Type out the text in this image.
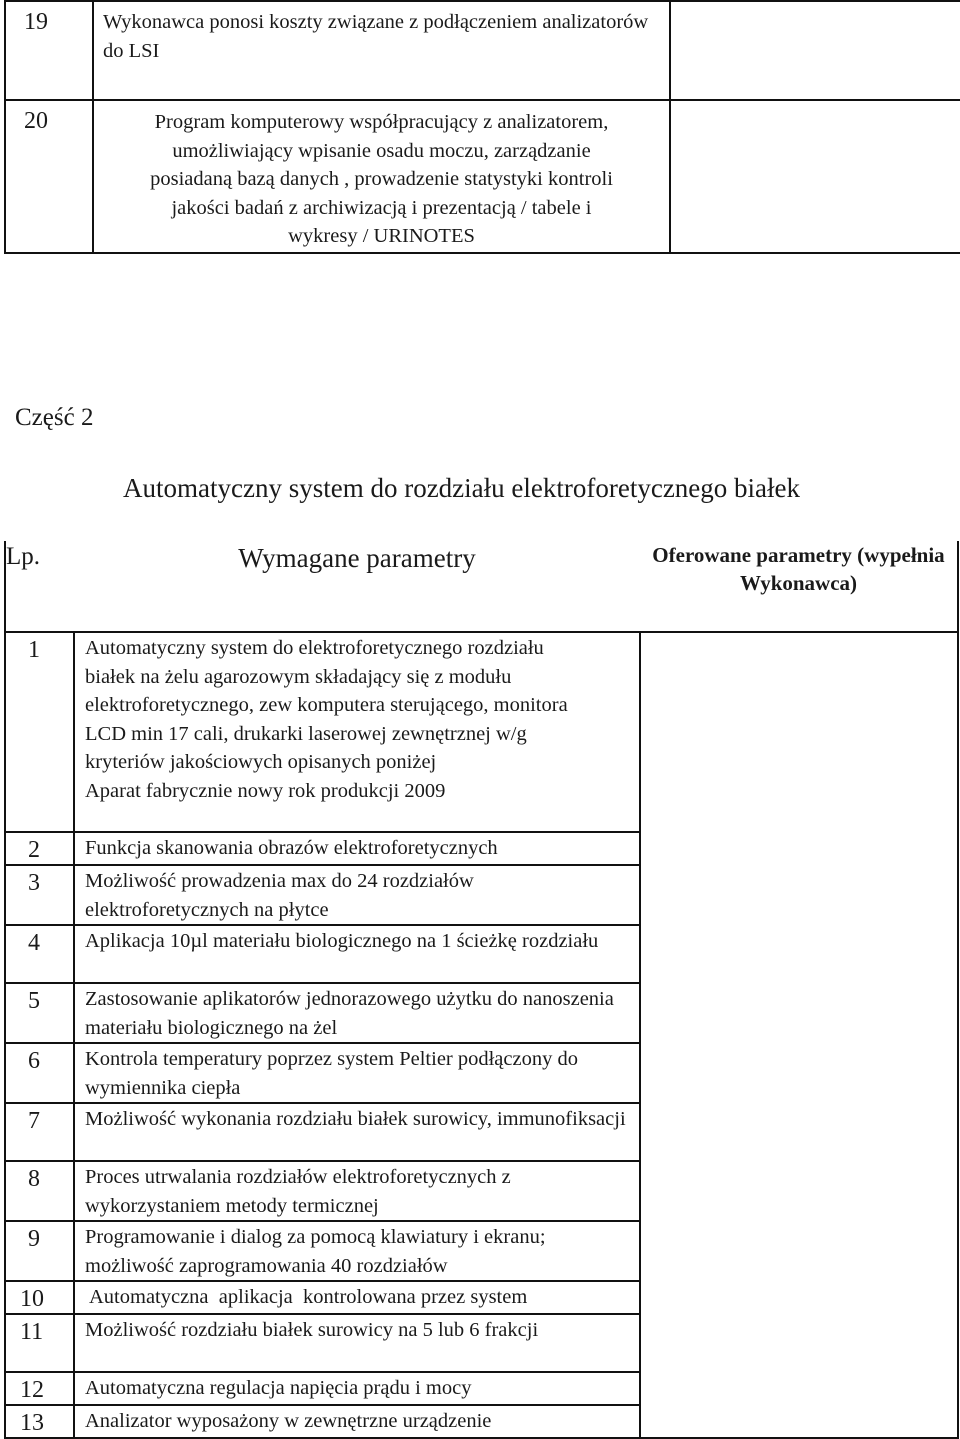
19	Wykonawca ponosi koszty związane z podłączeniem analizatorów do LSI	
20	Program komputerowy współpracujący z analizatorem, umożliwiający wpisanie osadu moczu, zarządzanie posiadaną bazą danych , prowadzenie statystyki kontroli jakości badań z archiwizacją i prezentacją / tabele i wykresy / URINOTES	

Część 2
Automatyczny system do rozdziału elektroforetycznego białek
Lp.	Wymagane parametry	Oferowane parametry (wypełnia Wykonawca)
1	Automatyczny system do elektroforetycznego rozdziału białek na żelu agarozowym składający się z modułu elektroforetycznego, zew komputera sterującego, monitora LCD min 17 cali, drukarki laserowej zewnętrznej w/g kryteriów jakościowych opisanych poniżej
Aparat fabrycznie nowy rok produkcji 2009	

2	Funkcja skanowania obrazów elektroforetycznych	
3	Możliwość prowadzenia max do 24 rozdziałów elektroforetycznych na płytce	
4	Aplikacja 10µl materiału biologicznego na 1 ścieżkę rozdziału	
5	Zastosowanie aplikatorów jednorazowego użytku do nanoszenia materiału biologicznego na żel	
6	Kontrola temperatury poprzez system Peltier podłączony do wymiennika ciepła	
7	Możliwość wykonania rozdziału białek surowicy, immunofiksacji	
8	Proces utrwalania rozdziałów elektroforetycznych z wykorzystaniem metody termicznej	
9	Programowanie i dialog za pomocą klawiatury i ekranu; możliwość zaprogramowania 40 rozdziałów	
10	Automatyczna  aplikacja  kontrolowana przez system	
11	Możliwość rozdziału białek surowicy na 5 lub 6 frakcji	
12	Automatyczna regulacja napięcia prądu i mocy	
13	Analizator wyposażony w zewnętrzne urządzenie	
